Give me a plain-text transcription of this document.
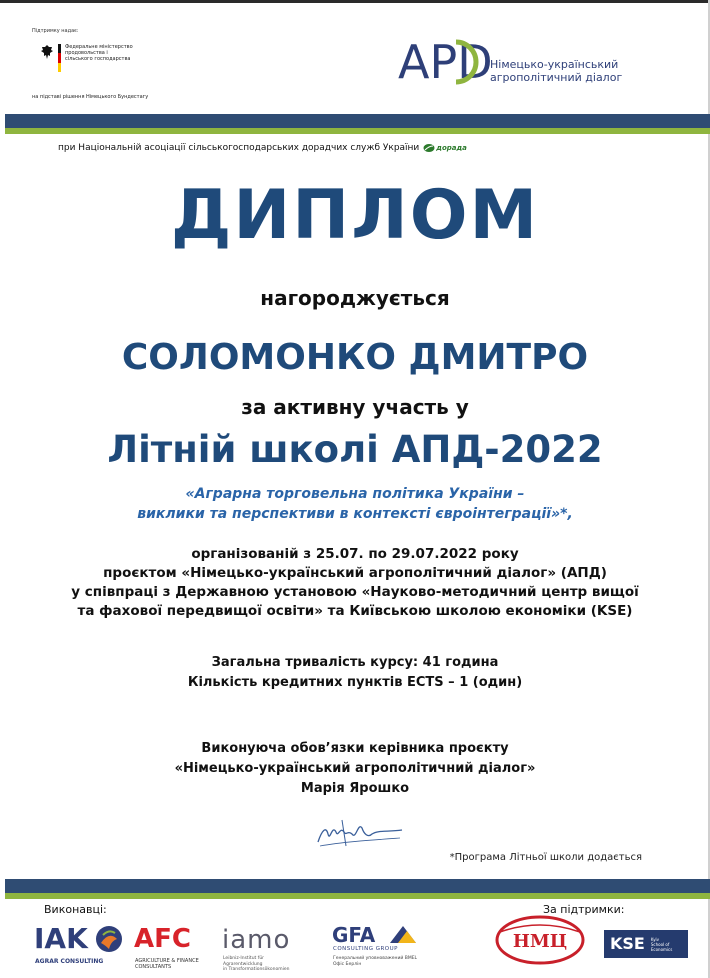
Підтримку надає:
Федеральне міністерство продовольства і сільського господарства
на підставі рішення Німецького Бундестагу
APD
Німецько-український
агрополітичний діалог
при Національній асоціації сільськогосподарських дорадчих служб України дорада
ДИПЛОМ
нагороджується
СОЛОМОНКО ДМИТРО
за активну участь у
Літній школі АПД-2022
«Аграрна торговельна політика України –
виклики та перспективи в контексті євроінтеграції»*,
організованій з 25.07. по 29.07.2022 року
проєктом «Німецько-український агрополітичний діалог» (АПД)
у співпраці з Державною установою «Науково-методичний центр вищої
та фахової передвищої освіти» та Київською школою економіки (KSE)
Загальна тривалість курсу: 41 година
Кількість кредитних пунктів ECTS – 1 (один)
Виконуюча обов’язки керівника проєкту
«Німецько-український агрополітичний діалог»
Марія Ярошко
*Програма Літньої школи додається
Виконавці:	За підтримки:
IAK
AGRAR CONSULTING
AFC
AGRICULTURE & FINANCE
CONSULTANTS
iamo
Leibniz-Institut für Agrarentwicklung
in Transformationsökonomien
GFA
CONSULTING GROUP
Генеральний уповноважений BMEL
Офіс Берлін
НМЦ	KSE Kyiv
School of
Economics
